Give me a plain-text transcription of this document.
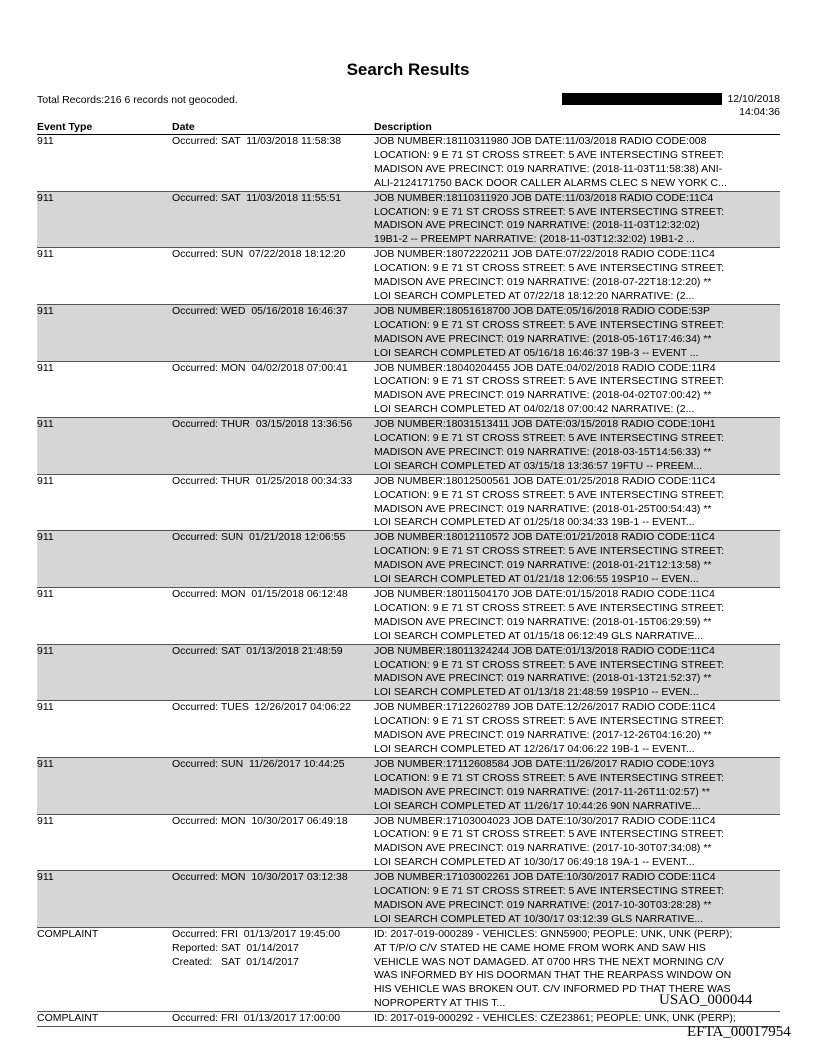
Search Results
Total Records:216 6 records not geocoded.	12/10/2018
14:04:36
Event Type	Date	Description
911	Occurred: SAT  11/03/2018 11:58:38	JOB NUMBER:18110311980 JOB DATE:11/03/2018 RADIO CODE:008
LOCATION: 9 E 71 ST CROSS STREET: 5 AVE INTERSECTING STREET:
MADISON AVE PRECINCT: 019 NARRATIVE: (2018-11-03T11:58:38) ANI-
ALI-2124171750 BACK DOOR CALLER ALARMS CLEC S NEW YORK C...
911	Occurred: SAT  11/03/2018 11:55:51	JOB NUMBER:18110311920 JOB DATE:11/03/2018 RADIO CODE:11C4
LOCATION: 9 E 71 ST CROSS STREET: 5 AVE INTERSECTING STREET:
MADISON AVE PRECINCT: 019 NARRATIVE: (2018-11-03T12:32:02)
19B1-2 -- PREEMPT NARRATIVE: (2018-11-03T12:32:02) 19B1-2 ...
911	Occurred: SUN  07/22/2018 18:12:20	JOB NUMBER:18072220211 JOB DATE:07/22/2018 RADIO CODE:11C4
LOCATION: 9 E 71 ST CROSS STREET: 5 AVE INTERSECTING STREET:
MADISON AVE PRECINCT: 019 NARRATIVE: (2018-07-22T18:12:20) **
LOI SEARCH COMPLETED AT 07/22/18 18:12:20 NARRATIVE: (2...
911	Occurred: WED  05/16/2018 16:46:37	JOB NUMBER:18051618700 JOB DATE:05/16/2018 RADIO CODE:53P
LOCATION: 9 E 71 ST CROSS STREET: 5 AVE INTERSECTING STREET:
MADISON AVE PRECINCT: 019 NARRATIVE: (2018-05-16T17:46:34) **
LOI SEARCH COMPLETED AT 05/16/18 16:46:37 19B-3 -- EVENT ...
911	Occurred: MON  04/02/2018 07:00:41	JOB NUMBER:18040204455 JOB DATE:04/02/2018 RADIO CODE:11R4
LOCATION: 9 E 71 ST CROSS STREET: 5 AVE INTERSECTING STREET:
MADISON AVE PRECINCT: 019 NARRATIVE: (2018-04-02T07:00:42) **
LOI SEARCH COMPLETED AT 04/02/18 07:00:42 NARRATIVE: (2...
911	Occurred: THUR  03/15/2018 13:36:56 JOB NUMBER:18031513411 JOB DATE:03/15/2018 RADIO CODE:10H1
LOCATION: 9 E 71 ST CROSS STREET: 5 AVE INTERSECTING STREET:
MADISON AVE PRECINCT: 019 NARRATIVE: (2018-03-15T14:56:33) **
LOI SEARCH COMPLETED AT 03/15/18 13:36:57 19FTU -- PREEM...
911	Occurred: THUR  01/25/2018 00:34:33 JOB NUMBER:18012500561 JOB DATE:01/25/2018 RADIO CODE:11C4
LOCATION: 9 E 71 ST CROSS STREET: 5 AVE INTERSECTING STREET:
MADISON AVE PRECINCT: 019 NARRATIVE: (2018-01-25T00:54:43) **
LOI SEARCH COMPLETED AT 01/25/18 00:34:33 19B-1 -- EVENT...
911	Occurred: SUN  01/21/2018 12:06:55	JOB NUMBER:18012110572 JOB DATE:01/21/2018 RADIO CODE:11C4
LOCATION: 9 E 71 ST CROSS STREET: 5 AVE INTERSECTING STREET:
MADISON AVE PRECINCT: 019 NARRATIVE: (2018-01-21T12:13:58) **
LOI SEARCH COMPLETED AT 01/21/18 12:06:55 19SP10 -- EVEN...
911	Occurred: MON  01/15/2018 06:12:48	JOB NUMBER:18011504170 JOB DATE:01/15/2018 RADIO CODE:11C4
LOCATION: 9 E 71 ST CROSS STREET: 5 AVE INTERSECTING STREET:
MADISON AVE PRECINCT: 019 NARRATIVE: (2018-01-15T06:29:59) **
LOI SEARCH COMPLETED AT 01/15/18 06:12:49 GLS NARRATIVE...
911	Occurred: SAT  01/13/2018 21:48:59	JOB NUMBER:18011324244 JOB DATE:01/13/2018 RADIO CODE:11C4
LOCATION: 9 E 71 ST CROSS STREET: 5 AVE INTERSECTING STREET:
MADISON AVE PRECINCT: 019 NARRATIVE: (2018-01-13T21:52:37) **
LOI SEARCH COMPLETED AT 01/13/18 21:48:59 19SP10 -- EVEN...
911	Occurred: TUES  12/26/2017 04:06:22 JOB NUMBER:17122602789 JOB DATE:12/26/2017 RADIO CODE:11C4
LOCATION: 9 E 71 ST CROSS STREET: 5 AVE INTERSECTING STREET:
MADISON AVE PRECINCT: 019 NARRATIVE: (2017-12-26T04:16:20) **
LOI SEARCH COMPLETED AT 12/26/17 04:06:22 19B-1 -- EVENT...
911	Occurred: SUN  11/26/2017 10:44:25	JOB NUMBER:17112608584 JOB DATE:11/26/2017 RADIO CODE:10Y3
LOCATION: 9 E 71 ST CROSS STREET: 5 AVE INTERSECTING STREET:
MADISON AVE PRECINCT: 019 NARRATIVE: (2017-11-26T11:02:57) **
LOI SEARCH COMPLETED AT 11/26/17 10:44:26 90N NARRATIVE...
911	Occurred: MON  10/30/2017 06:49:18	JOB NUMBER:17103004023 JOB DATE:10/30/2017 RADIO CODE:11C4
LOCATION: 9 E 71 ST CROSS STREET: 5 AVE INTERSECTING STREET:
MADISON AVE PRECINCT: 019 NARRATIVE: (2017-10-30T07:34:08) **
LOI SEARCH COMPLETED AT 10/30/17 06:49:18 19A-1 -- EVENT...
911	Occurred: MON  10/30/2017 03:12:38	JOB NUMBER:17103002261 JOB DATE:10/30/2017 RADIO CODE:11C4
LOCATION: 9 E 71 ST CROSS STREET: 5 AVE INTERSECTING STREET:
MADISON AVE PRECINCT: 019 NARRATIVE: (2017-10-30T03:28:28) **
LOI SEARCH COMPLETED AT 10/30/17 03:12:39 GLS NARRATIVE...
COMPLAINT	Occurred: FRI  01/13/2017 19:45:00
Reported: SAT  01/14/2017
Created:   SAT  01/14/2017
ID: 2017-019-000289 - VEHICLES: GNN5900; PEOPLE: UNK, UNK (PERP);
AT T/P/O C/V STATED HE CAME HOME FROM WORK AND SAW HIS
VEHICLE WAS NOT DAMAGED. AT 0700 HRS THE NEXT MORNING C/V
WAS INFORMED BY HIS DOORMAN THAT THE REARPASS WINDOW ON
HIS VEHICLE WAS BROKEN OUT. C/V INFORMED PD THAT THERE WAS
NOPROPERTY AT THIS T...
COMPLAINT	Occurred: FRI  01/13/2017 17:00:00	ID: 2017-019-000292 - VEHICLES: CZE23861; PEOPLE: UNK, UNK (PERP);
USAO_000044
EFTA_00017954
